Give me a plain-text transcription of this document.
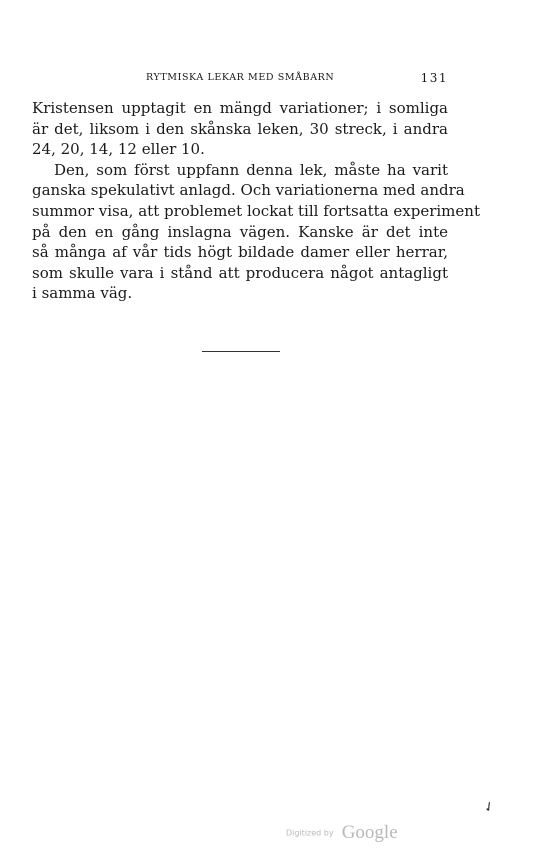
RYTMISKA LEKAR MED SMÅBARN	131
Kristensen upptagit en mängd variationer; i somliga
är det, liksom i den skånska leken, 30 streck, i andra
24, 20, 14, 12 eller 10.
Den, som först uppfann denna lek, måste ha varit
ganska spekulativt anlagd. Och variationerna med andra
summor visa, att problemet lockat till fortsatta experiment
på den en gång inslagna vägen. Kanske är det inte
så många af vår tids högt bildade damer eller herrar,
som skulle vara i stånd att producera något antagligt
i samma väg.
✓
Digitized by Google
